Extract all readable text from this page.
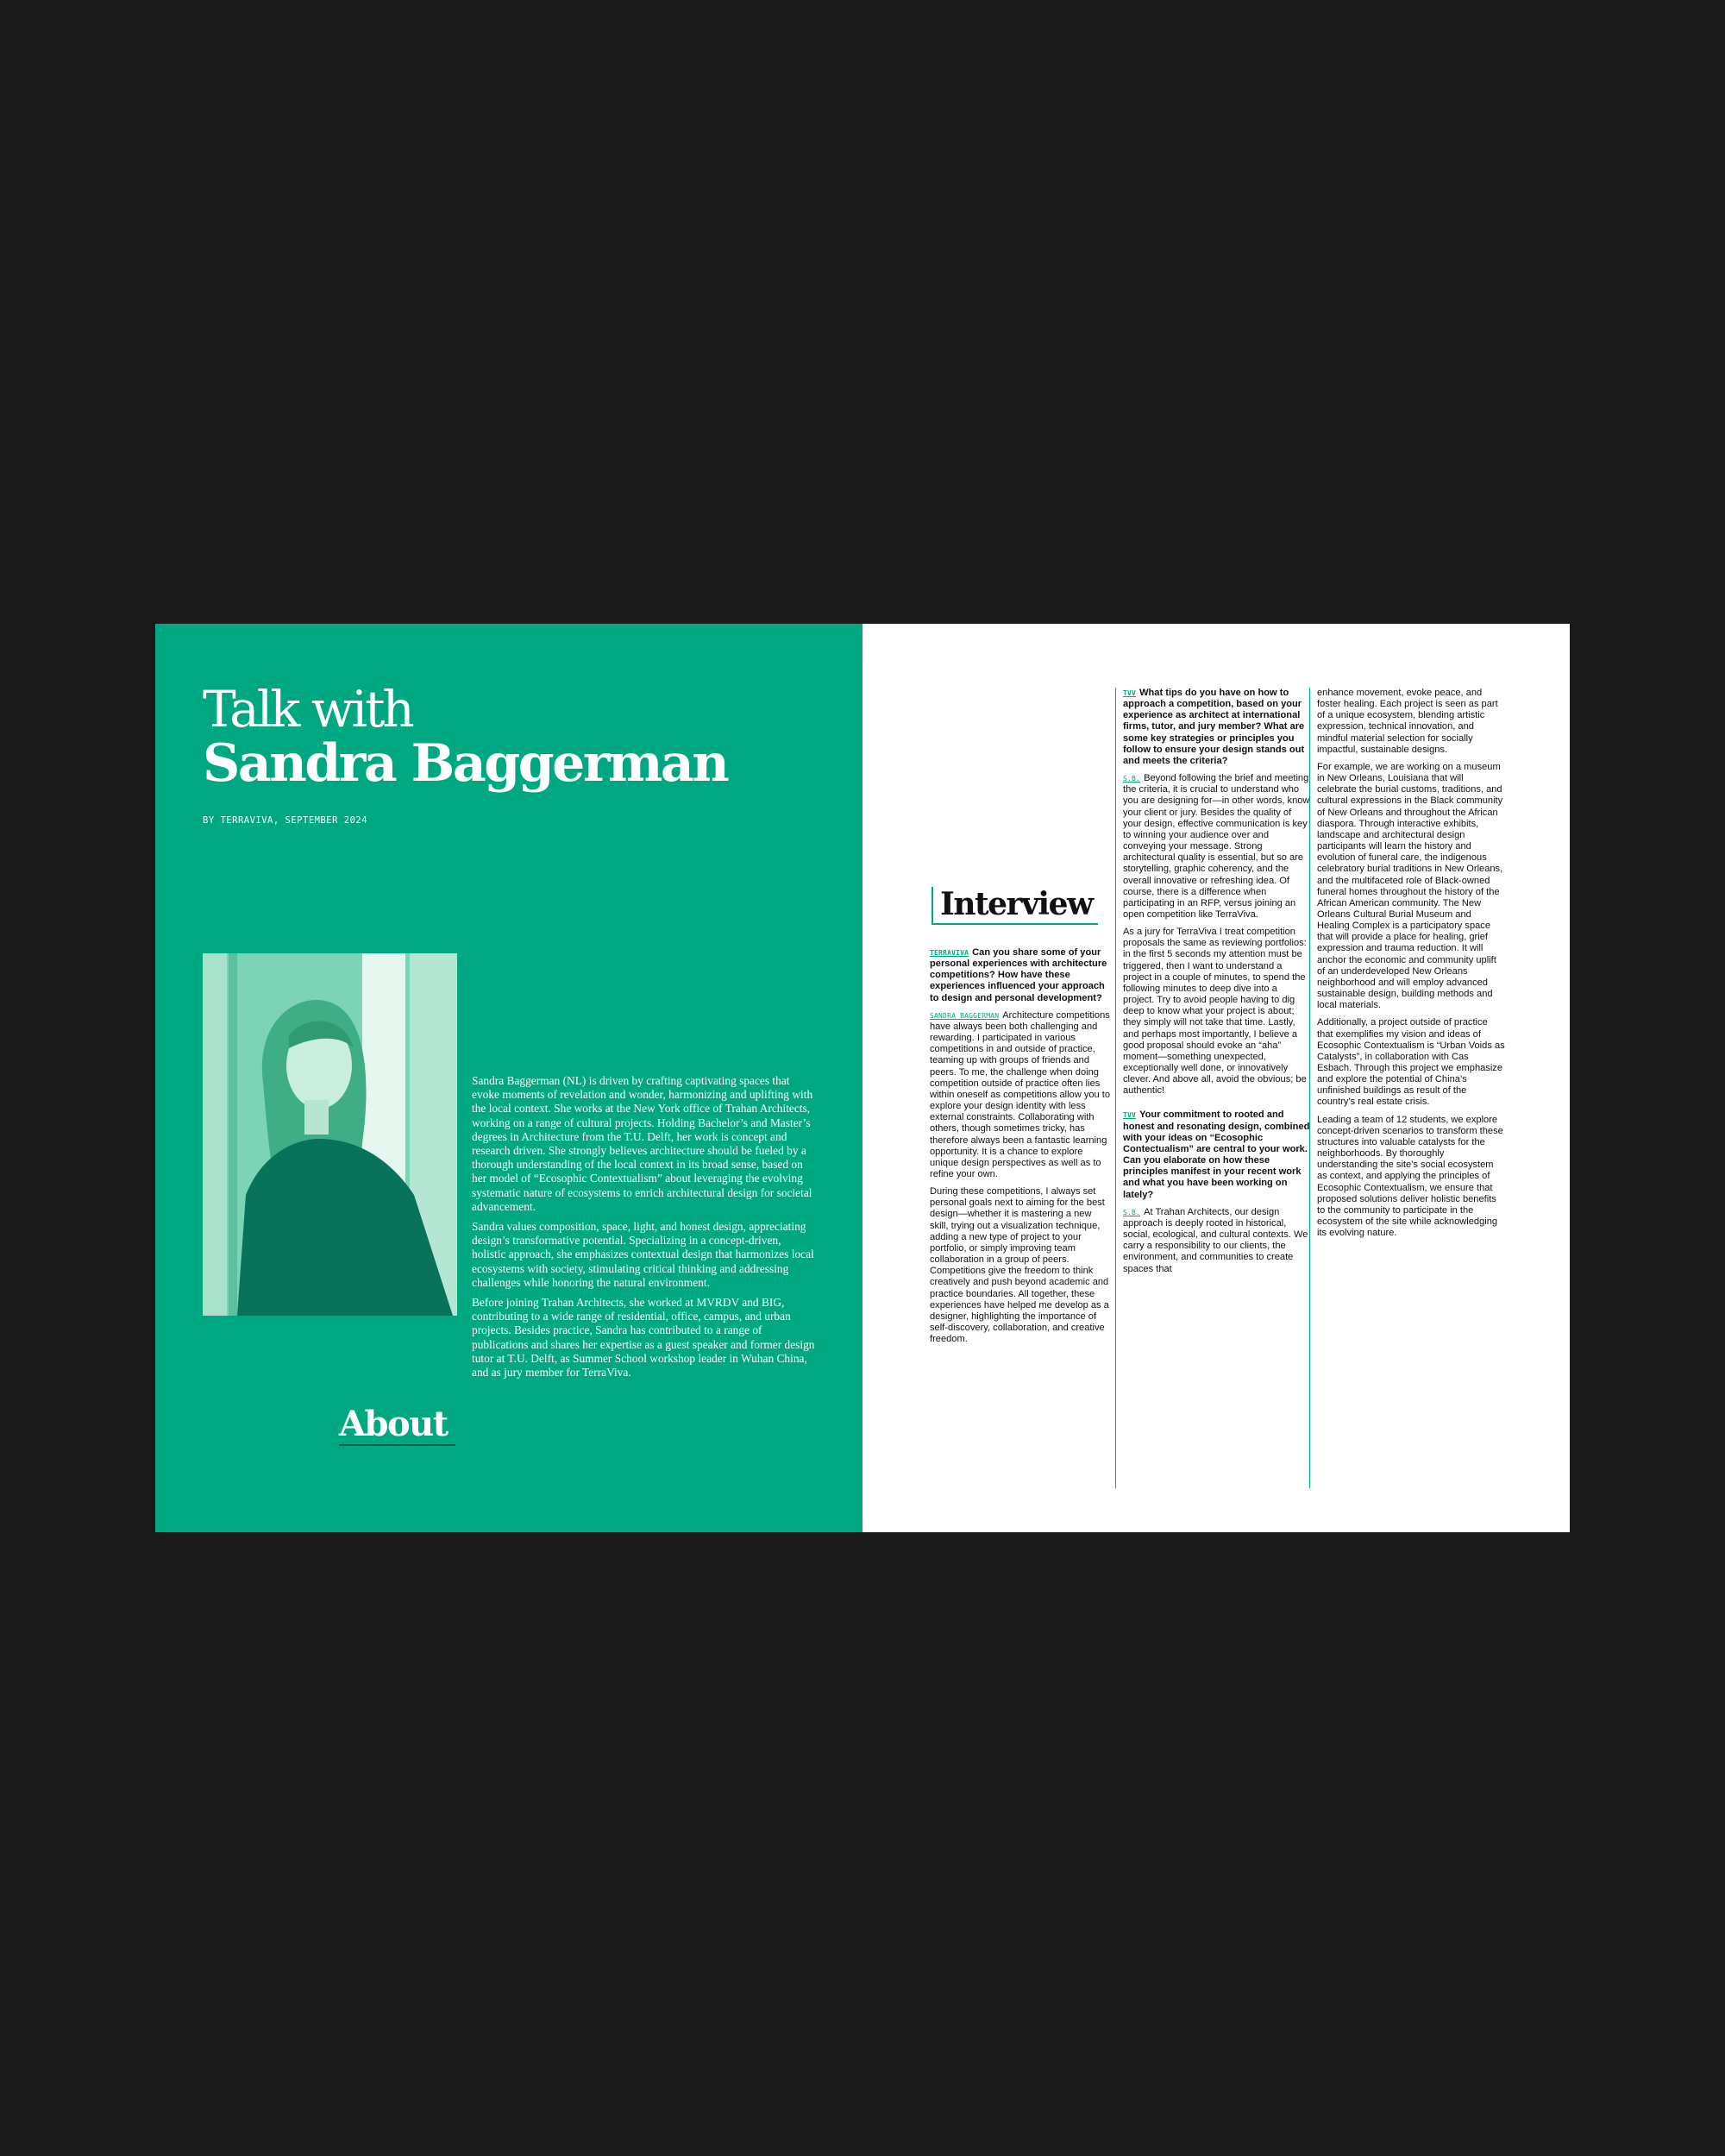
Talk with
Sandra Baggerman
BY TERRAVIVA, SEPTEMBER 2024
About

Sandra Baggerman (NL) is driven by crafting captivating spaces that evoke moments of revelation and wonder, harmonizing and uplifting with the local context. She works at the New York office of Trahan Architects, working on a range of cultural projects. Holding Bachelor’s and Master’s degrees in Architecture from the T.U. Delft, her work is concept and research driven. She strongly believes architecture should be fueled by a thorough understanding of the local context in its broad sense, based on her model of “Ecosophic Contextualism” about leveraging the evolving systematic nature of ecosystems to enrich architectural design for societal advancement.

Sandra values composition, space, light, and honest design, appreciating design’s transformative potential. Specializing in a concept-driven, holistic approach, she emphasizes contextual design that harmonizes local ecosystems with society, stimulating critical thinking and addressing challenges while honoring the natural environment.

Before joining Trahan Architects, she worked at MVRDV and BIG, contributing to a wide range of residential, office, campus, and urban projects. Besides practice, Sandra has contributed to a range of publications and shares her expertise as a guest speaker and former design tutor at T.U. Delft, as Summer School workshop leader in Wuhan China, and as jury member for TerraViva.

Interview

TERRAVIVA Can you share some of your personal experiences with architecture competitions? How have these experiences influenced your approach to design and personal development?

SANDRA BAGGERMAN Architecture competitions have always been both challenging and rewarding. I participated in various competitions in and outside of practice, teaming up with groups of friends and peers. To me, the challenge when doing competition outside of practice often lies within oneself as competitions allow you to explore your design identity with less external constraints. Collaborating with others, though sometimes tricky, has therefore always been a fantastic learning opportunity. It is a chance to explore unique design perspectives as well as to refine your own.

During these competitions, I always set personal goals next to aiming for the best design—whether it is mastering a new skill, trying out a visualization technique, adding a new type of project to your portfolio, or simply improving team collaboration in a group of peers. Competitions give the freedom to think creatively and push beyond academic and practice boundaries. All together, these experiences have helped me develop as a designer, highlighting the importance of self-discovery, collaboration, and creative freedom.

TVV What tips do you have on how to approach a competition, based on your experience as architect at international firms, tutor, and jury member? What are some key strategies or principles you follow to ensure your design stands out and meets the criteria?

S.B. Beyond following the brief and meeting the criteria, it is crucial to understand who you are designing for—in other words, know your client or jury. Besides the quality of your design, effective communication is key to winning your audience over and conveying your message. Strong architectural quality is essential, but so are storytelling, graphic coherency, and the overall innovative or refreshing idea. Of course, there is a difference when participating in an RFP, versus joining an open competition like TerraViva.

As a jury for TerraViva I treat competition proposals the same as reviewing portfolios: in the first 5 seconds my attention must be triggered, then I want to understand a project in a couple of minutes, to spend the following minutes to deep dive into a project. Try to avoid people having to dig deep to know what your project is about; they simply will not take that time. Lastly, and perhaps most importantly, I believe a good proposal should evoke an “aha” moment—something unexpected, exceptionally well done, or innovatively clever. And above all, avoid the obvious; be authentic!

TVV Your commitment to rooted and honest and resonating design, combined with your ideas on “Ecosophic Contectualism” are central to your work. Can you elaborate on how these principles manifest in your recent work and what you have been working on lately?

S.B. At Trahan Architects, our design approach is deeply rooted in historical, social, ecological, and cultural contexts. We carry a responsibility to our clients, the environment, and communities to create spaces that

enhance movement, evoke peace, and foster healing. Each project is seen as part of a unique ecosystem, blending artistic expression, technical innovation, and mindful material selection for socially impactful, sustainable designs.

For example, we are working on a museum in New Orleans, Louisiana that will celebrate the burial customs, traditions, and cultural expressions in the Black community of New Orleans and throughout the African diaspora. Through interactive exhibits, landscape and architectural design participants will learn the history and evolution of funeral care, the indigenous celebratory burial traditions in New Orleans, and the multifaceted role of Black-owned funeral homes throughout the history of the African American community. The New Orleans Cultural Burial Museum and Healing Complex is a participatory space that will provide a place for healing, grief expression and trauma reduction. It will anchor the economic and community uplift of an underdeveloped New Orleans neighborhood and will employ advanced sustainable design, building methods and local materials.

Additionally, a project outside of practice that exemplifies my vision and ideas of Ecosophic Contextualism is “Urban Voids as Catalysts”, in collaboration with Cas Esbach. Through this project we emphasize and explore the potential of China’s unfinished buildings as result of the country’s real estate crisis.

Leading a team of 12 students, we explore concept-driven scenarios to transform these structures into valuable catalysts for the neighborhoods. By thoroughly understanding the site’s social ecosystem as context, and applying the principles of Ecosophic Contextualism, we ensure that proposed solutions deliver holistic benefits to the community to participate in the ecosystem of the site while acknowledging its evolving nature.
